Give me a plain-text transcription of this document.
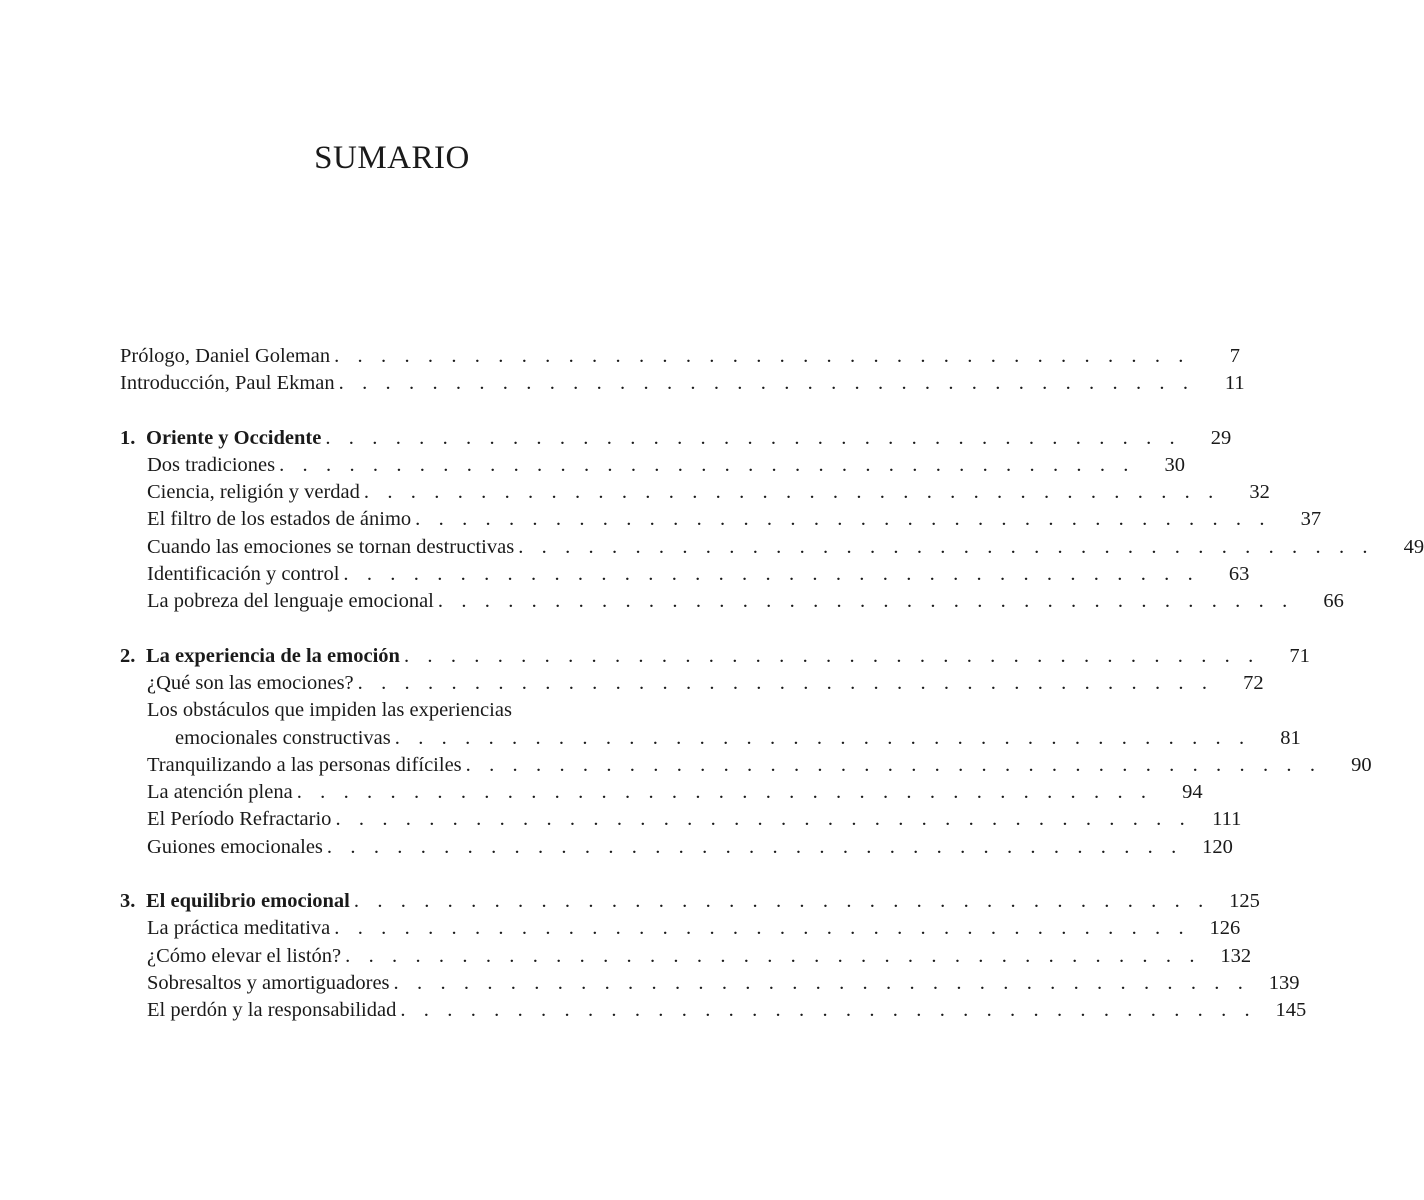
SUMARIO
Prólogo, Daniel Goleman . . . . . . . . . . . . . . . . . . . . . . . . . . . . . . . . . . . . .	7
Introducción, Paul Ekman . . . . . . . . . . . . . . . . . . . . . . . . . . . . . . . . . . . . .	11
1. Oriente y Occidente . . . . . . . . . . . . . . . . . . . . . . . . . . . . . . . . . . . . .	29
Dos tradiciones . . . . . . . . . . . . . . . . . . . . . . . . . . . . . . . . . . . . .	30
Ciencia, religión y verdad . . . . . . . . . . . . . . . . . . . . . . . . . . . . . . . . . . . . .	32
El filtro de los estados de ánimo . . . . . . . . . . . . . . . . . . . . . . . . . . . . . . . . . . . . .	37
Cuando las emociones se tornan destructivas . . . . . . . . . . . . . . . . . . . . . . . . . . . . . . . . . . . . .	49
Identificación y control . . . . . . . . . . . . . . . . . . . . . . . . . . . . . . . . . . . . .	63
La pobreza del lenguaje emocional . . . . . . . . . . . . . . . . . . . . . . . . . . . . . . . . . . . . .	66
2. La experiencia de la emoción . . . . . . . . . . . . . . . . . . . . . . . . . . . . . . . . . . . . .	71
¿Qué son las emociones? . . . . . . . . . . . . . . . . . . . . . . . . . . . . . . . . . . . . .	72
Los obstáculos que impiden las experiencias
emocionales constructivas . . . . . . . . . . . . . . . . . . . . . . . . . . . . . . . . . . . . .	81
Tranquilizando a las personas difíciles . . . . . . . . . . . . . . . . . . . . . . . . . . . . . . . . . . . . .	90
La atención plena . . . . . . . . . . . . . . . . . . . . . . . . . . . . . . . . . . . . .	94
El Período Refractario . . . . . . . . . . . . . . . . . . . . . . . . . . . . . . . . . . . . .	111
Guiones emocionales . . . . . . . . . . . . . . . . . . . . . . . . . . . . . . . . . . . . . 120
3. El equilibrio emocional . . . . . . . . . . . . . . . . . . . . . . . . . . . . . . . . . . . . . 125
La práctica meditativa . . . . . . . . . . . . . . . . . . . . . . . . . . . . . . . . . . . . . 126
¿Cómo elevar el listón? . . . . . . . . . . . . . . . . . . . . . . . . . . . . . . . . . . . . . 132
Sobresaltos y amortiguadores . . . . . . . . . . . . . . . . . . . . . . . . . . . . . . . . . . . . . 139
El perdón y la responsabilidad . . . . . . . . . . . . . . . . . . . . . . . . . . . . . . . . . . . . . 145
